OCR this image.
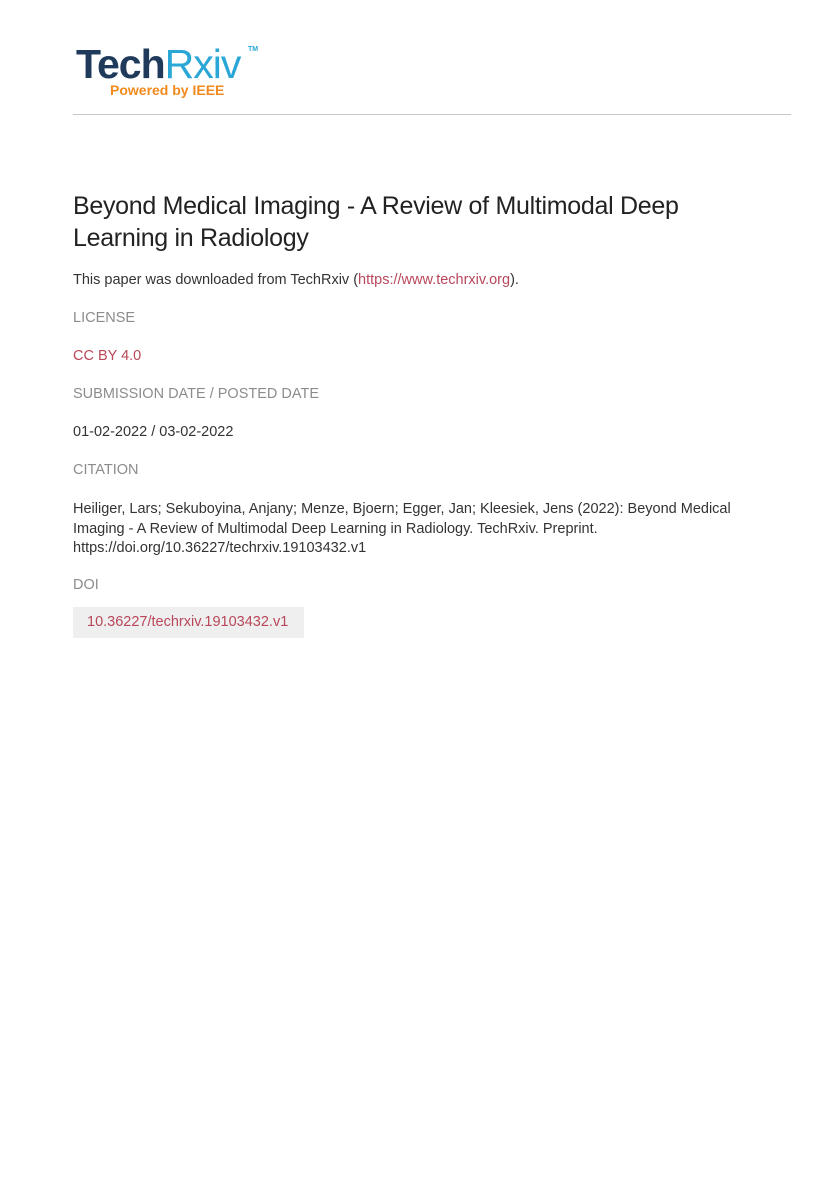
TechRxiv TM
Powered by IEEE
Beyond Medical Imaging - A Review of Multimodal Deep Learning in Radiology
This paper was downloaded from TechRxiv (https://www.techrxiv.org).
LICENSE
CC BY 4.0
SUBMISSION DATE / POSTED DATE
01-02-2022 / 03-02-2022
CITATION
Heiliger, Lars; Sekuboyina, Anjany; Menze, Bjoern; Egger, Jan; Kleesiek, Jens (2022): Beyond Medical Imaging - A Review of Multimodal Deep Learning in Radiology. TechRxiv. Preprint. https://doi.org/10.36227/techrxiv.19103432.v1
DOI
10.36227/techrxiv.19103432.v1
